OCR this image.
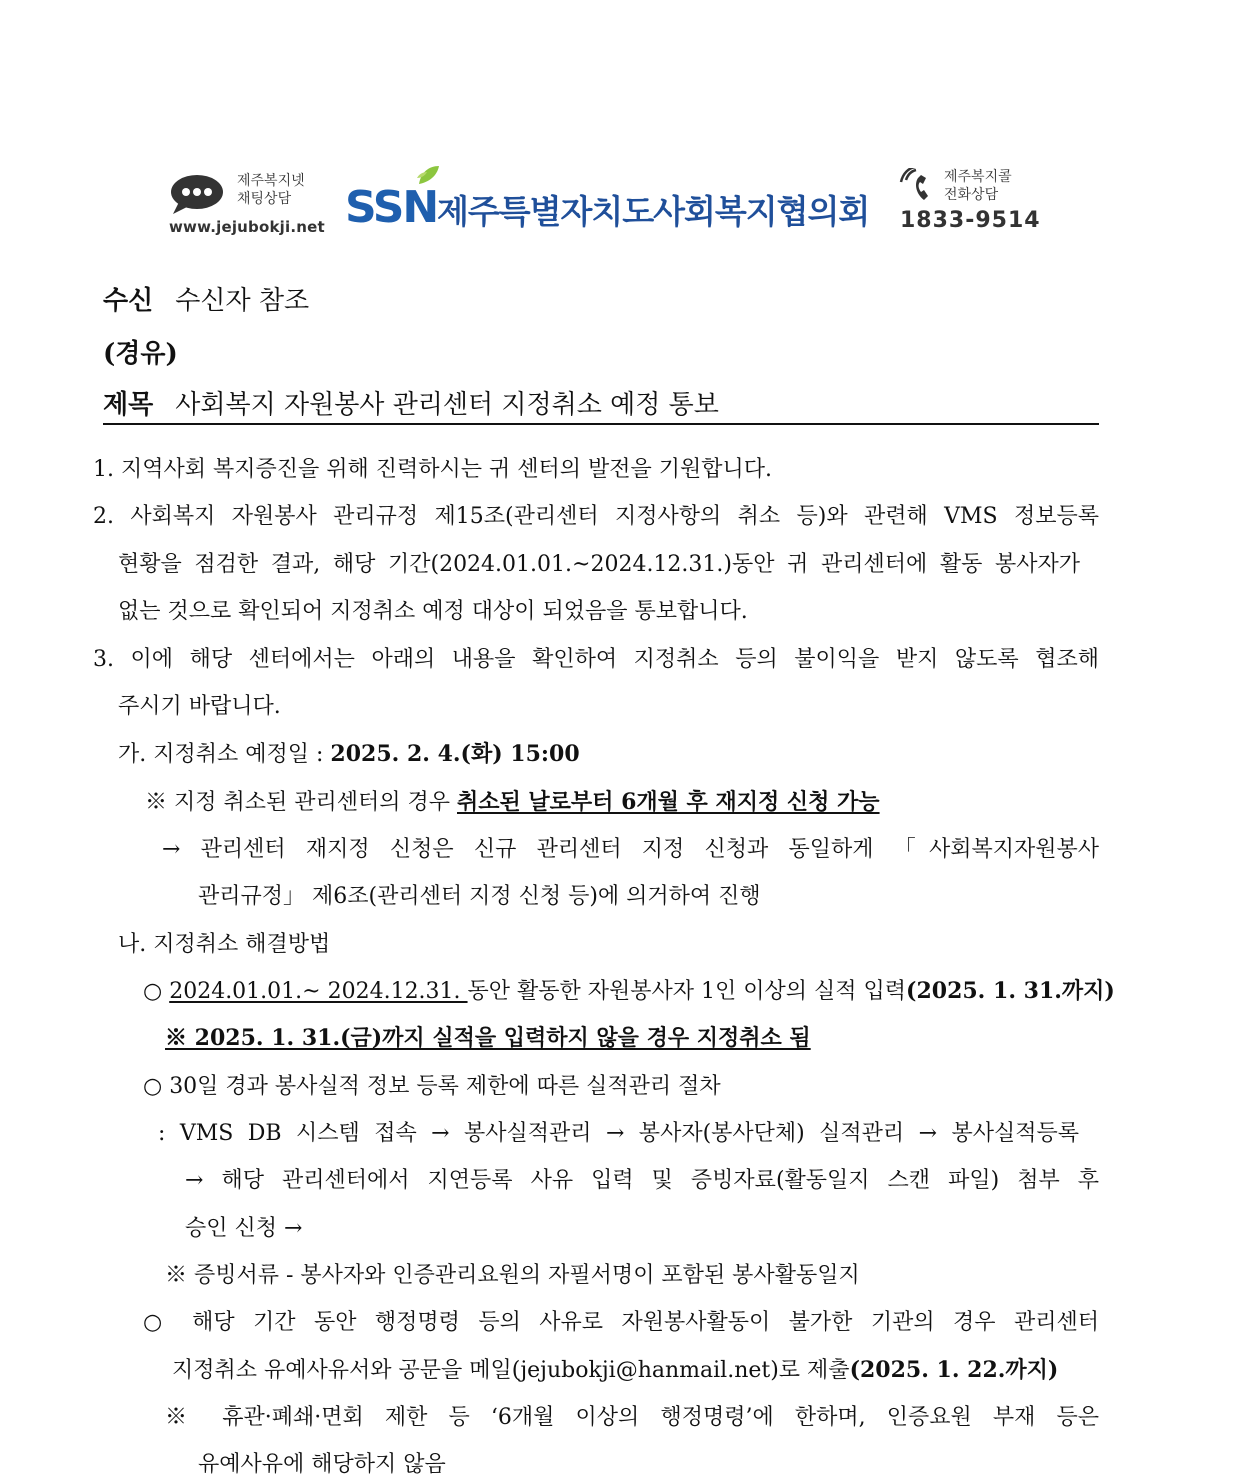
제주복지넷
채팅상담
www.jejubokji.net SSN 제주특별자치도사회복지협의회
제주복지콜
전화상담
1833-9514
수신 수신자 참조
(경유)
제목 사회복지 자원봉사 관리센터 지정취소 예정 통보
1. 지역사회 복지증진을 위해 진력하시는 귀 센터의 발전을 기원합니다.
2. 사회복지 자원봉사 관리규정 제15조(관리센터 지정사항의 취소 등)와 관련해 VMS 정보등록
현황을 점검한 결과, 해당 기간(2024.01.01.~2024.12.31.)동안 귀 관리센터에 활동 봉사자가
없는 것으로 확인되어 지정취소 예정 대상이 되었음을 통보합니다.
3. 이에 해당 센터에서는 아래의 내용을 확인하여 지정취소 등의 불이익을 받지 않도록 협조해
주시기 바랍니다.
가. 지정취소 예정일 : 2025. 2. 4.(화) 15:00
※ 지정 취소된 관리센터의 경우 취소된 날로부터 6개월 후 재지정 신청 가능
→ 관리센터 재지정 신청은 신규 관리센터 지정 신청과 동일하게 「사회복지자원봉사
관리규정」 제6조(관리센터 지정 신청 등)에 의거하여 진행
나. 지정취소 해결방법
○ 2024.01.01.~ 2024.12.31. 동안 활동한 자원봉사자 1인 이상의 실적 입력(2025. 1. 31.까지)
※ 2025. 1. 31.(금)까지 실적을 입력하지 않을 경우 지정취소 됨
○ 30일 경과 봉사실적 정보 등록 제한에 따른 실적관리 절차
: VMS DB 시스템 접속 → 봉사실적관리 → 봉사자(봉사단체) 실적관리 → 봉사실적등록
→ 해당 관리센터에서 지연등록 사유 입력 및 증빙자료(활동일지 스캔 파일) 첨부 후
승인 신청 →
※ 증빙서류 - 봉사자와 인증관리요원의 자필서명이 포함된 봉사활동일지
○ 해당 기간 동안 행정명령 등의 사유로 자원봉사활동이 불가한 기관의 경우 관리센터
지정취소 유예사유서와 공문을 메일(jejubokji@hanmail.net)로 제출(2025. 1. 22.까지)
※ 휴관·폐쇄·면회 제한 등 ‘6개월 이상의 행정명령’에 한하며, 인증요원 부재 등은
유예사유에 해당하지 않음
